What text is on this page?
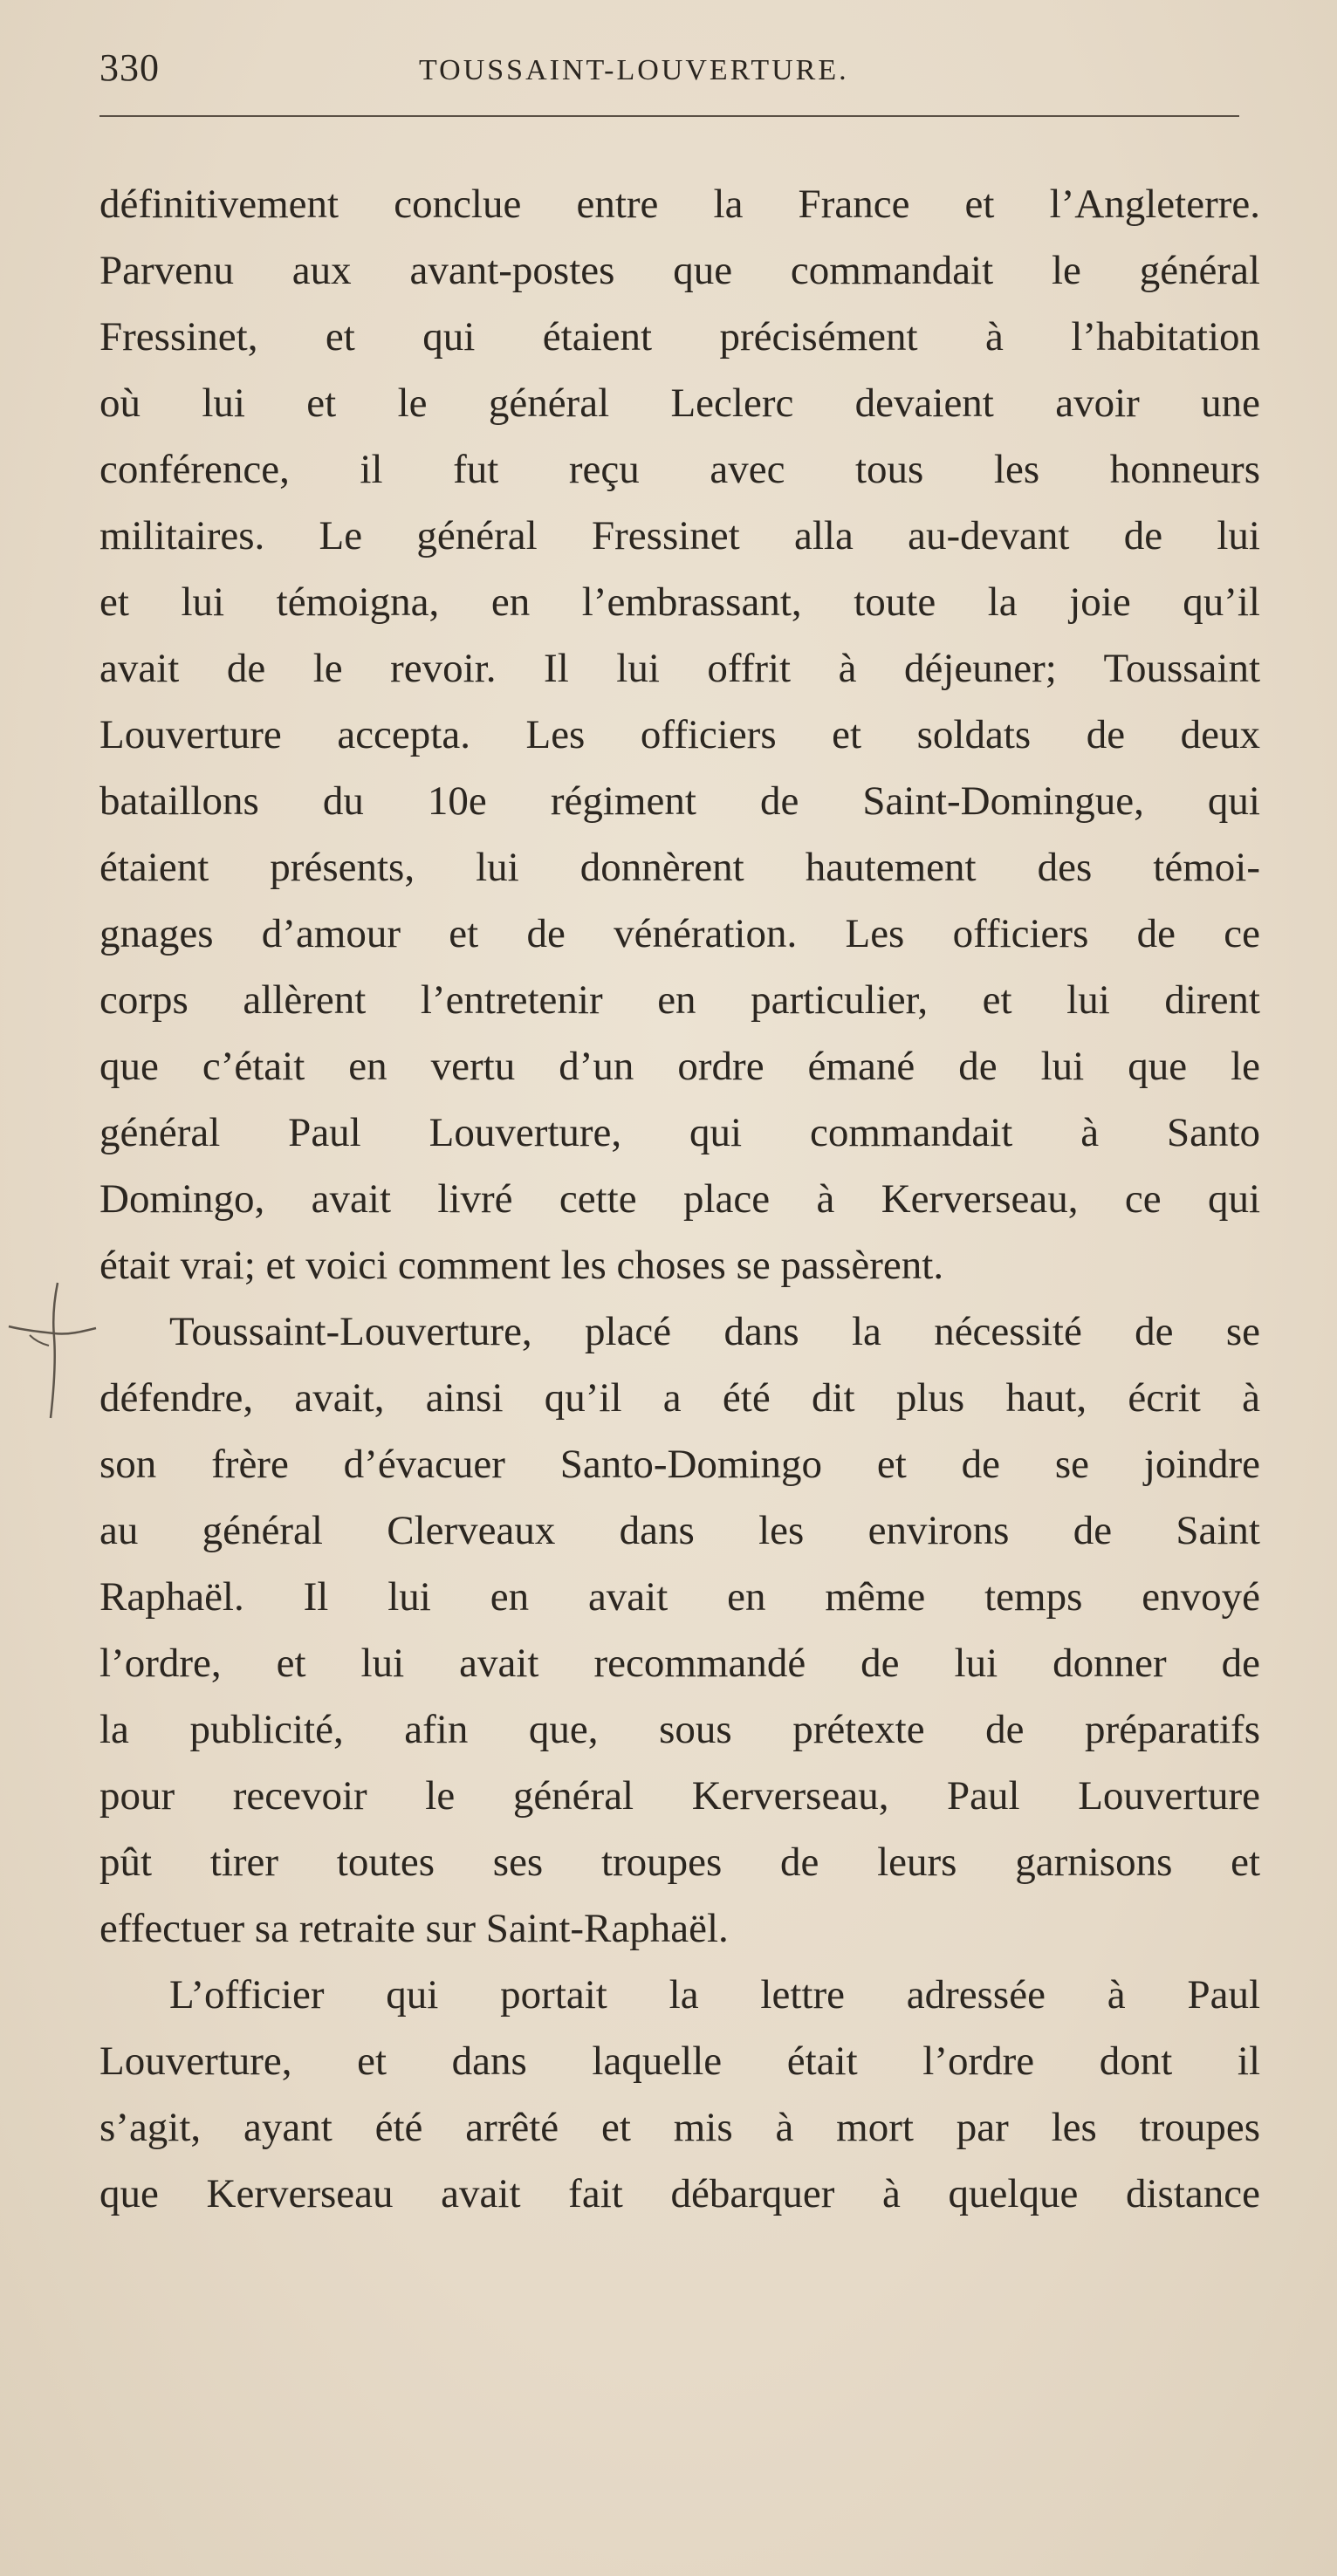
330	TOUSSAINT-LOUVERTURE.
définitivement conclue entre la France et l’Angleterre.
Parvenu aux avant-postes que commandait le général
Fressinet, et qui étaient précisément à l’habitation
où lui et le général Leclerc devaient avoir une
conférence, il fut reçu avec tous les honneurs
militaires. Le général Fressinet alla au-devant de lui
et lui témoigna, en l’embrassant, toute la joie qu’il
avait de le revoir. Il lui offrit à déjeuner; Toussaint
Louverture accepta. Les officiers et soldats de deux
bataillons du 10e régiment de Saint-Domingue, qui
étaient présents, lui donnèrent hautement des témoi-
gnages d’amour et de vénération. Les officiers de ce
corps allèrent l’entretenir en particulier, et lui dirent
que c’était en vertu d’un ordre émané de lui que le
général Paul Louverture, qui commandait à Santo
Domingo, avait livré cette place à Kerverseau, ce qui
était vrai; et voici comment les choses se passèrent.
Toussaint-Louverture, placé dans la nécessité de se
défendre, avait, ainsi qu’il a été dit plus haut, écrit à
son frère d’évacuer Santo-Domingo et de se joindre
au général Clerveaux dans les environs de Saint
Raphaël. Il lui en avait en même temps envoyé
l’ordre, et lui avait recommandé de lui donner de
la publicité, afin que, sous prétexte de préparatifs
pour recevoir le général Kerverseau, Paul Louverture
pût tirer toutes ses troupes de leurs garnisons et
effectuer sa retraite sur Saint-Raphaël.
L’officier qui portait la lettre adressée à Paul
Louverture, et dans laquelle était l’ordre dont il
s’agit, ayant été arrêté et mis à mort par les troupes
que Kerverseau avait fait débarquer à quelque distance
